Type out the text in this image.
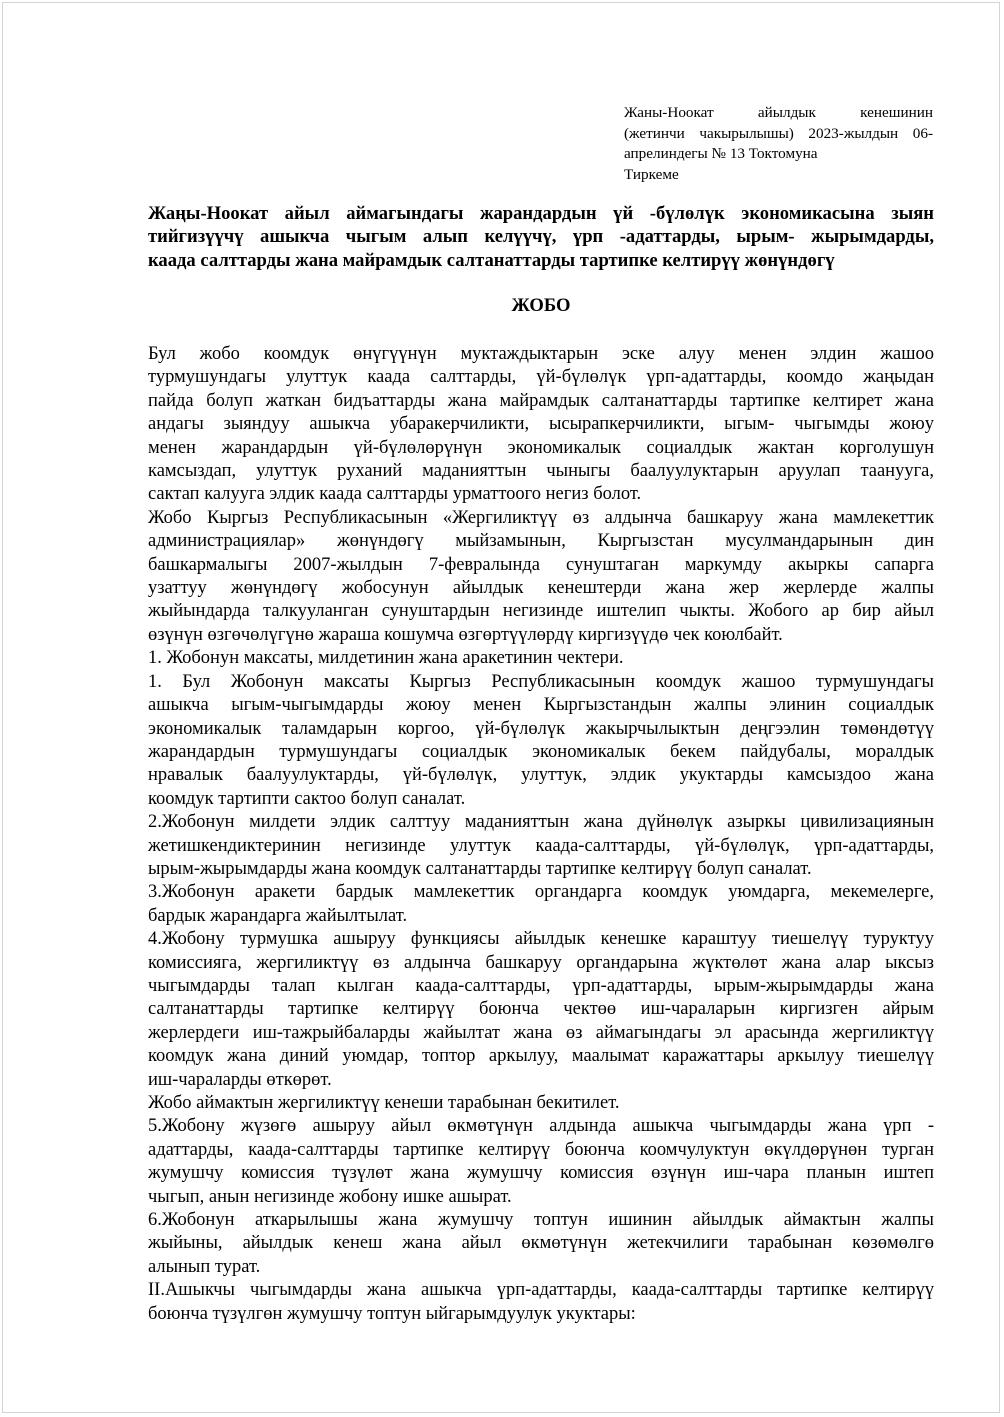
Жаны-Ноокат айылдык кенешинин
(жетинчи чакырылышы) 2023-жылдын 06-
апрелиндегы № 13 Токтомуна
Тиркеме
Жаңы-Ноокат айыл аймагындагы жарандардын үй -бүлөлүк экономикасына зыян
тийгизүүчү ашыкча чыгым алып келүүчү, үрп -адаттарды, ырым- жырымдарды,
каада салттарды жана майрамдык салтанаттарды тартипке келтирүү жөнүндөгү
ЖОБО

Бул жобо коомдук өнүгүүнүн муктаждыктарын эске алуу менен элдин жашоо
турмушундагы улуттук каада салттарды, үй-бүлөлүк үрп-адаттарды, коомдо жаңыдан
пайда болуп жаткан бидъаттарды жана майрамдык салтанаттарды тартипке келтирет жана
андагы зыяндуу ашыкча убаракерчиликти, ысырапкерчиликти, ыгым- чыгымды жоюу
менен жарандардын үй-бүлөлөрүнүн экономикалык социалдык жактан корголушун
камсыздап, улуттук руханий маданияттын чыныгы баалуулуктарын аруулап таанууга,
сактап калууга элдик каада салттарды урматтоого негиз болот.

Жобо Кыргыз Республикасынын «Жергиликтүү өз алдынча башкаруу жана мамлекеттик
администрациялар» жөнүндөгү мыйзамынын, Кыргызстан мусулмандарынын дин
башкармалыгы 2007-жылдын 7-февралында сунуштаган маркумду акыркы сапарга
узаттуу жөнүндөгү жобосунун айылдык кенештерди жана жер жерлерде жалпы
жыйындарда талкууланган сунуштардын негизинде иштелип чыкты. Жобого ар бир айыл
өзүнүн өзгөчөлүгүнө жараша кошумча өзгөртүүлөрдү киргизүүдө чек коюлбайт.

1. Жобонун максаты, милдетинин жана аракетинин чектери.

1. Бул Жобонун максаты Кыргыз Республикасынын коомдук жашоо турмушундагы
ашыкча ыгым-чыгымдарды жоюу менен Кыргызстандын жалпы элинин социалдык
экономикалык таламдарын коргоо, үй-бүлөлүк жакырчылыктын деңгээлин төмөндөтүү
жарандардын турмушундагы социалдык экономикалык бекем пайдубалы, моралдык
нравалык баалуулуктарды, үй-бүлөлүк, улуттук, элдик укуктарды камсыздоо жана
коомдук тартипти сактоо болуп саналат.

2.Жобонун милдети элдик салттуу маданияттын жана дүйнөлүк азыркы цивилизациянын
жетишкендиктеринин негизинде улуттук каада-салттарды, үй-бүлөлүк, үрп-адаттарды,
ырым-жырымдарды жана коомдук салтанаттарды тартипке келтирүү болуп саналат.

3.Жобонун аракети бардык мамлекеттик органдарга коомдук уюмдарга, мекемелерге,
бардык жарандарга жайылтылат.

4.Жобону турмушка ашыруу функциясы айылдык кенешке караштуу тиешелүү туруктуу
комиссияга, жергиликтүү өз алдынча башкаруу органдарына жүктөлөт жана алар ыксыз
чыгымдарды талап кылган каада-салттарды, үрп-адаттарды, ырым-жырымдарды жана
салтанаттарды тартипке келтирүү боюнча чектөө иш-чараларын киргизген айрым
жерлердеги иш-тажрыйбаларды жайылтат жана өз аймагындагы эл арасында жергиликтүү
коомдук жана диний уюмдар, топтор аркылуу, маалымат каражаттары аркылуу тиешелүү
иш-чараларды өткөрөт.

Жобо аймактын жергиликтүү кенеши тарабынан бекитилет.

5.Жобону жүзөгө ашыруу айыл өкмөтүнүн алдында ашыкча чыгымдарды жана үрп -
адаттарды, каада-салттарды тартипке келтирүү боюнча коомчулуктун өкүлдөрүнөн турган
жумушчу комиссия түзүлөт жана жумушчу комиссия өзүнүн иш-чара планын иштеп
чыгып, анын негизинде жобону ишке ашырат.

6.Жобонун аткарылышы жана жумушчу топтун ишинин айылдык аймактын жалпы
жыйыны, айылдык кенеш жана айыл өкмөтүнүн жетекчилиги тарабынан көзөмөлгө
алынып турат.

II.Ашыкчы чыгымдарды жана ашыкча үрп-адаттарды, каада-салттарды тартипке келтирүү
боюнча түзүлгөн жумушчу топтун ыйгарымдуулук укуктары:
